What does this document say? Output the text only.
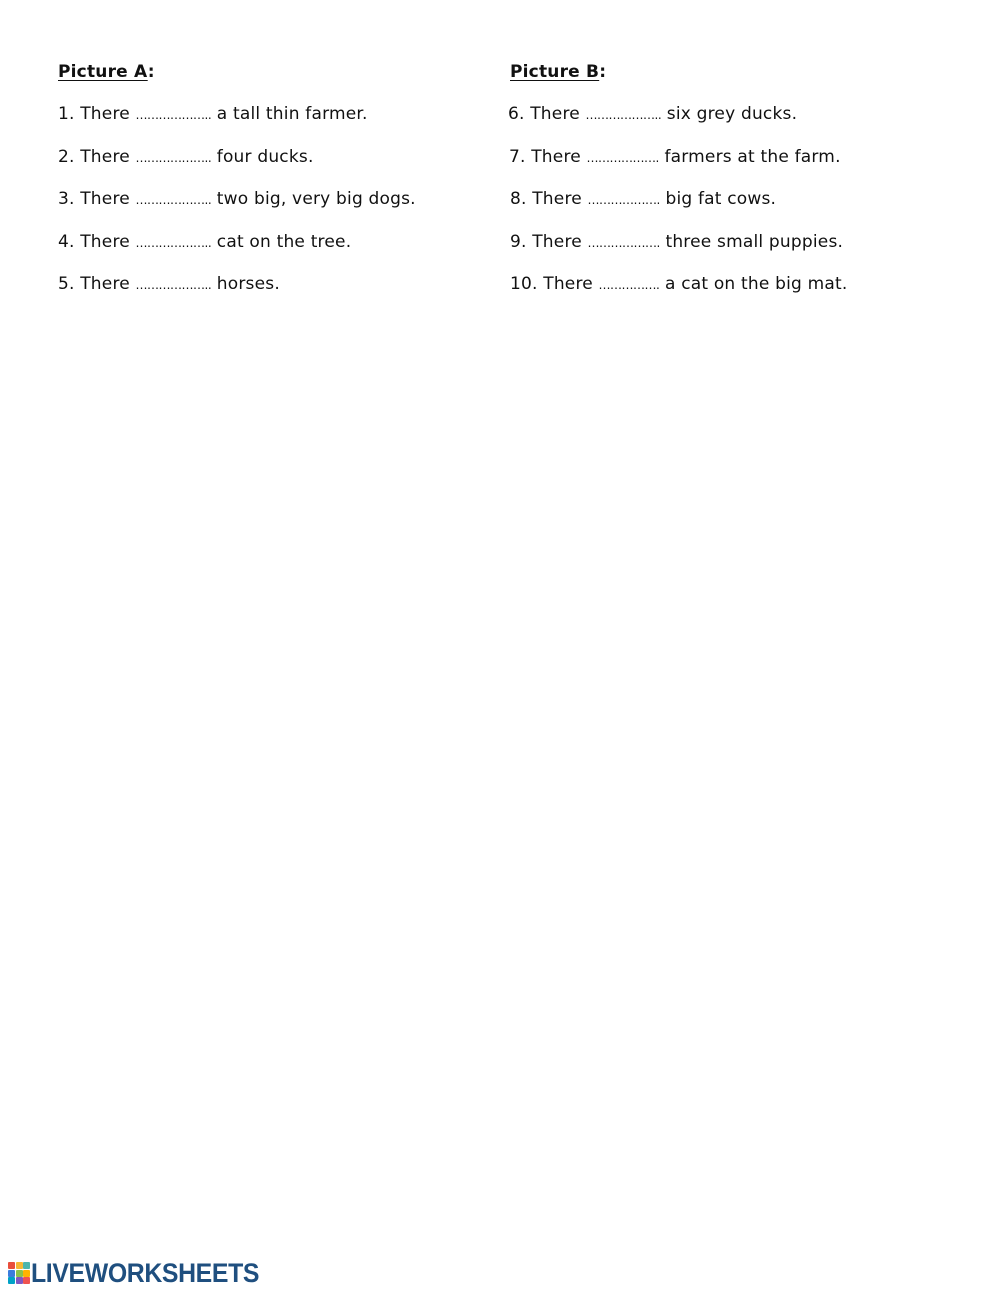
Picture A:	Picture B:
1. There ……………….. a tall thin farmer.
2. There ……………….. four ducks.
3. There ……………….. two big, very big dogs.
4. There ……………….. cat on the tree.
5. There ……………….. horses.
6. There ……………….. six grey ducks.
7. There ………………. farmers at the farm.
8. There ………………. big fat cows.
9. There ………………. three small puppies.
10. There ……………. a cat on the big mat.
LIVEWORKSHEETS
